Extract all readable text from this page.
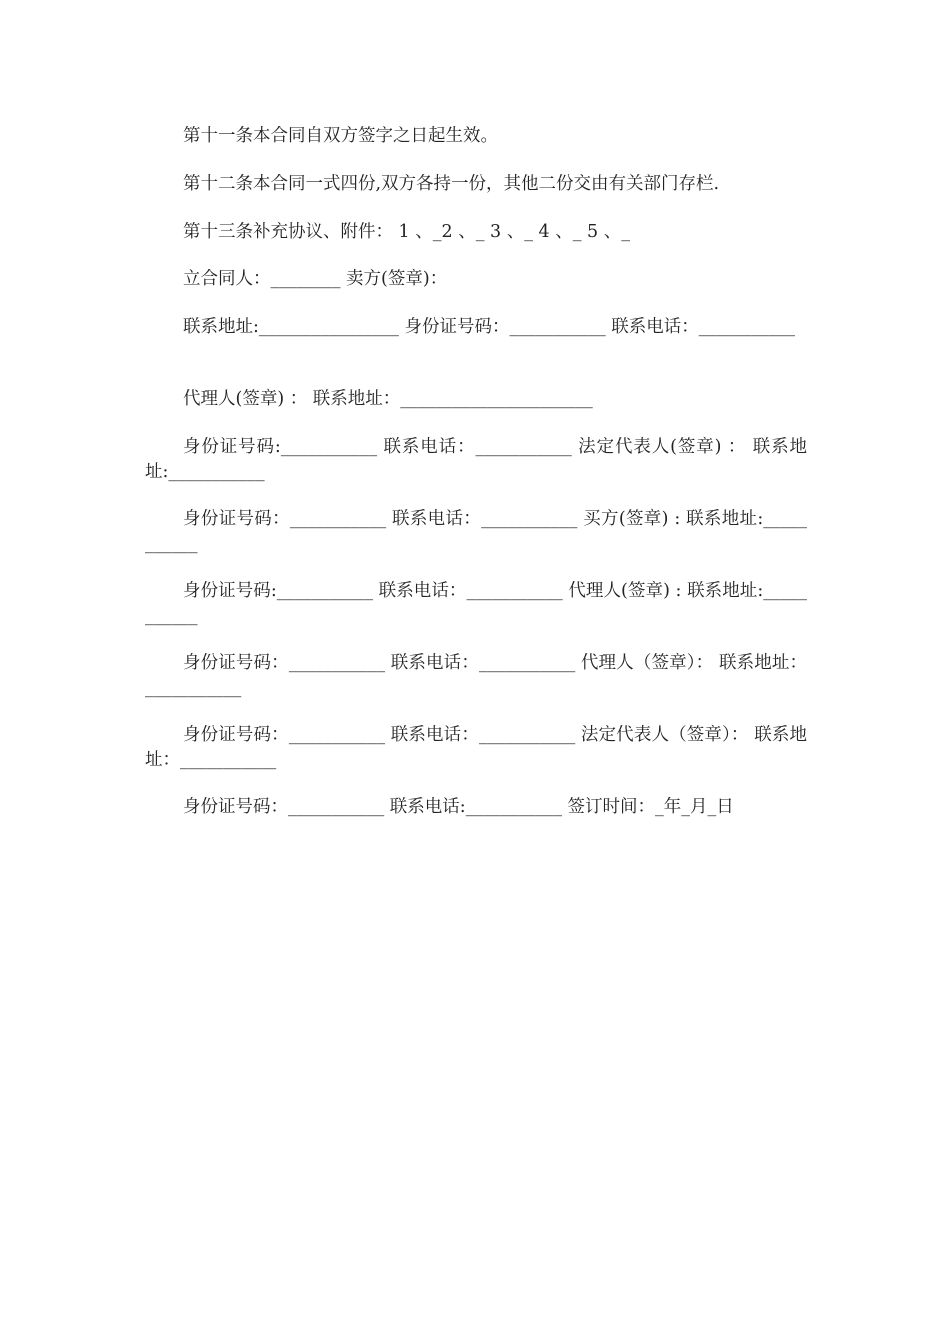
第十一条本合同自双方签字之日起生效。

第十二条本合同一式四份,双方各持一份，其他二份交由有关部门存栏.

第十三条补充协议、附件： 1 、_2 、_ 3 、_ 4 、_ 5 、_

立合同人：________ 卖方(签章)：

联系地址:________________ 身份证号码：___________ 联系电话：___________

代理人(签章) ： 联系地址：______________________

身份证号码:___________ 联系电话：___________ 法定代表人(签章) ： 联系地址:___________

身份证号码：___________ 联系电话：___________ 买方(签章) : 联系地址:___________

身份证号码:___________ 联系电话：___________ 代理人(签章) : 联系地址:___________

身份证号码：___________ 联系电话：___________ 代理人（签章）： 联系地址：___________

身份证号码：___________ 联系电话：___________ 法定代表人（签章）： 联系地址：___________

身份证号码：___________ 联系电话:___________ 签订时间：_年_月_日
